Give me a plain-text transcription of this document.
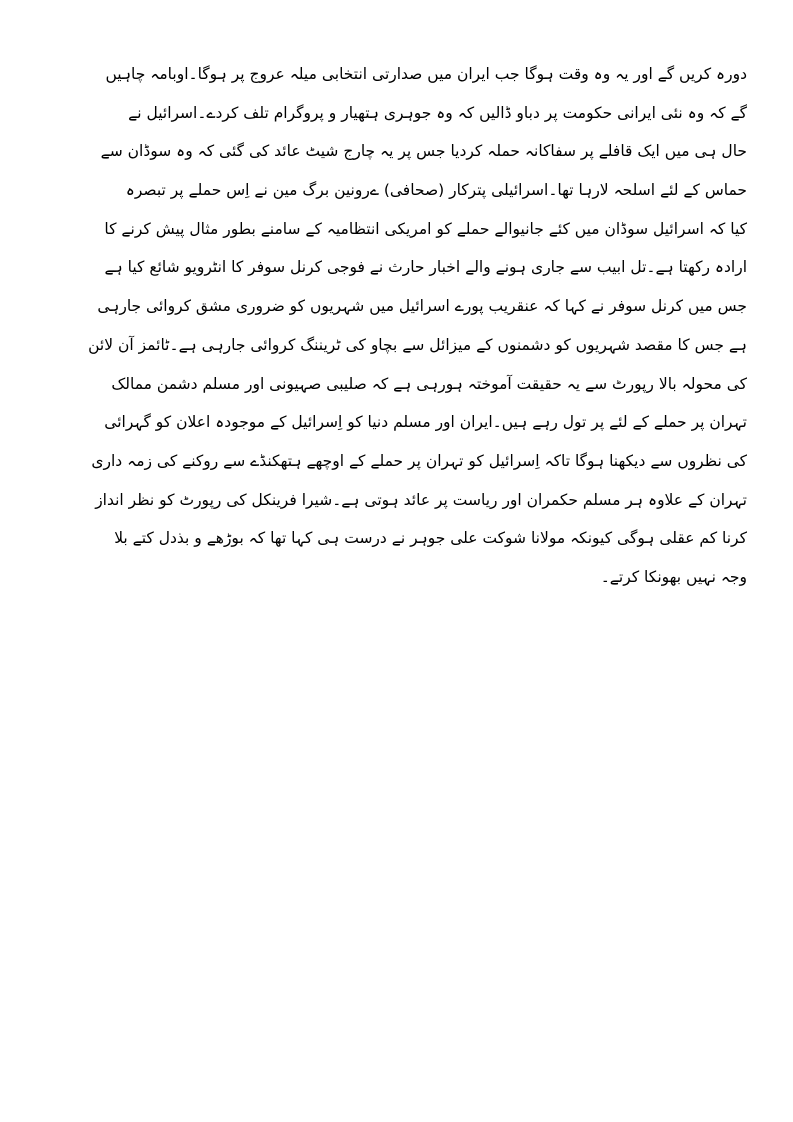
دورہ کریں گے اور یہ وہ وقت ہوگا جب ایران میں صدارتی انتخابی میلہ عروج پر ہوگا۔اوبامہ چاہیں
گے کہ وہ نئی ایرانی حکومت پر دباو ڈالیں کہ وہ جوہری ہتھیار و پروگرام تلف کردے۔اسرائیل نے
حال ہی میں ایک قافلے پر سفاکانہ حملہ کردیا جس پر یہ چارج شیٹ عائد کی گئی کہ وہ سوڈان سے
حماس کے لئے اسلحہ لارہا تھا۔اسرائیلی پترکار (صحافی) ےرونین برگ مین نے اِس حملے پر تبصرہ
کیا کہ اسرائیل سوڈان میں کئے جانیوالے حملے کو امریکی انتظامیہ کے سامنے بطور مثال پیش کرنے کا
ارادہ رکھتا ہے۔تل ابیب سے جاری ہونے والے اخبار حارث نے فوجی کرنل سوفر کا انٹرویو شائع کیا ہے
جس میں کرنل سوفر نے کہا کہ عنقریب پورے اسرائیل میں شہریوں کو ضروری مشق کروائی جارہی
ہے جس کا مقصد شہریوں کو دشمنوں کے میزائل سے بچاو کی ٹریننگ کروائی جارہی ہے۔ٹائمز آن لائن
کی محولہ بالا رپورٹ سے یہ حقیقت آموختہ ہورہی ہے کہ صلیبی صہیونی اور مسلم دشمن ممالک
تہران پر حملے کے لئے پر تول رہے ہیں۔ایران اور مسلم دنیا کو اِسرائیل کے موجودہ اعلان کو گہرائی
کی نظروں سے دیکھنا ہوگا تاکہ اِسرائیل کو تہران پر حملے کے اوچھے ہتھکنڈے سے روکنے کی زمہ داری
تہران کے علاوہ ہر مسلم حکمران اور ریاست پر عائد ہوتی ہے۔شیرا فرینکل کی رپورٹ کو نظر انداز
کرنا کم عقلی ہوگی کیونکہ مولانا شوکت علی جوہر نے درست ہی کہا تھا کہ بوڑھے و بذدل کتے بلا
وجہ نہیں بھونکا کرتے۔
